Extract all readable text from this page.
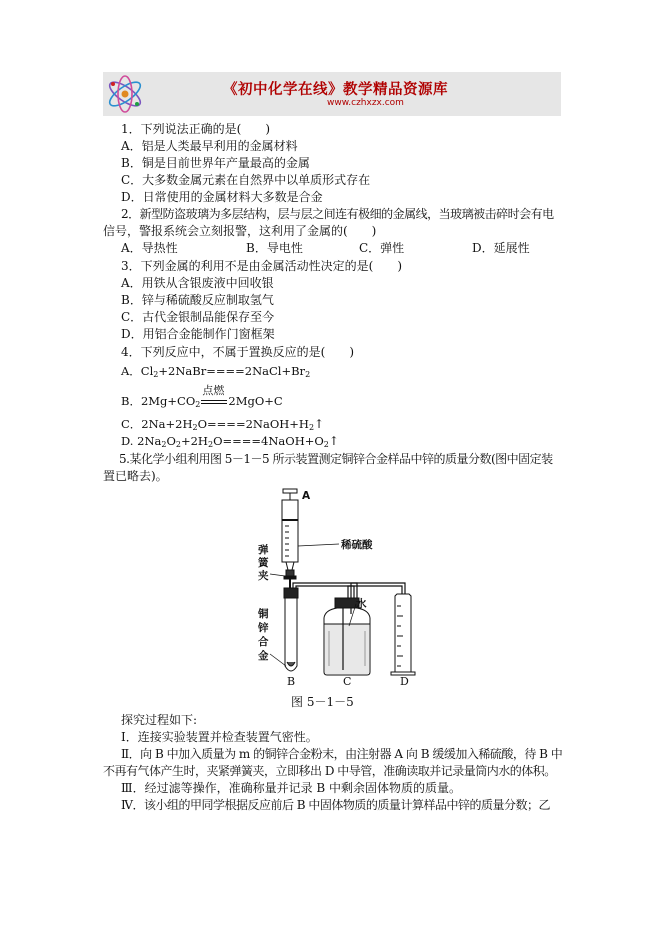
《初中化学在线》教学精品资源库
www.czhxzx.com
1．下列说法正确的是(　　)
A．铝是人类最早利用的金属材料
B．铜是目前世界年产量最高的金属
C．大多数金属元素在自然界中以单质形式存在
D．日常使用的金属材料大多数是合金
2．新型防盗玻璃为多层结构，层与层之间连有极细的金属线，当玻璃被击碎时会有电
信号，警报系统会立刻报警，这利用了金属的(　　)
A．导热性	B．导电性	C．弹性	D．延展性
3．下列金属的利用不是由金属活动性决定的是(　　)
A．用铁从含银废液中回收银
B．锌与稀硫酸反应制取氢气
C．古代金银制品能保存至今
D．用铝合金能制作门窗框架
4．下列反应中，不属于置换反应的是(　　)
A．$Cl_2+2NaBr====2NaCl+Br_2$
B．$2Mg+CO_2$
点燃
2MgO+C
C．$2Na+2H_2O====2NaOH+H_2↑$
D. $2Na_2O_2+2H_2O====4NaOH+O_2↑$
5.某化学小组利用图 5－1－5 所示装置测定铜锌合金样品中锌的质量分数(图中固定装
置已略去)。
A
稀硫酸
弹
簧
夹
铜
锌
合
金
水
B	C	D
图 5－1－5
探究过程如下:
Ⅰ．连接实验装置并检查装置气密性。
Ⅱ．向 B 中加入质量为 m 的铜锌合金粉末，由注射器 A 向 B 缓缓加入稀硫酸，待 B 中
不再有气体产生时，夹紧弹簧夹，立即移出 D 中导管，准确读取并记录量筒内水的体积。
Ⅲ．经过滤等操作，准确称量并记录 B 中剩余固体物质的质量。
Ⅳ．该小组的甲同学根据反应前后 B 中固体物质的质量计算样品中锌的质量分数；乙
